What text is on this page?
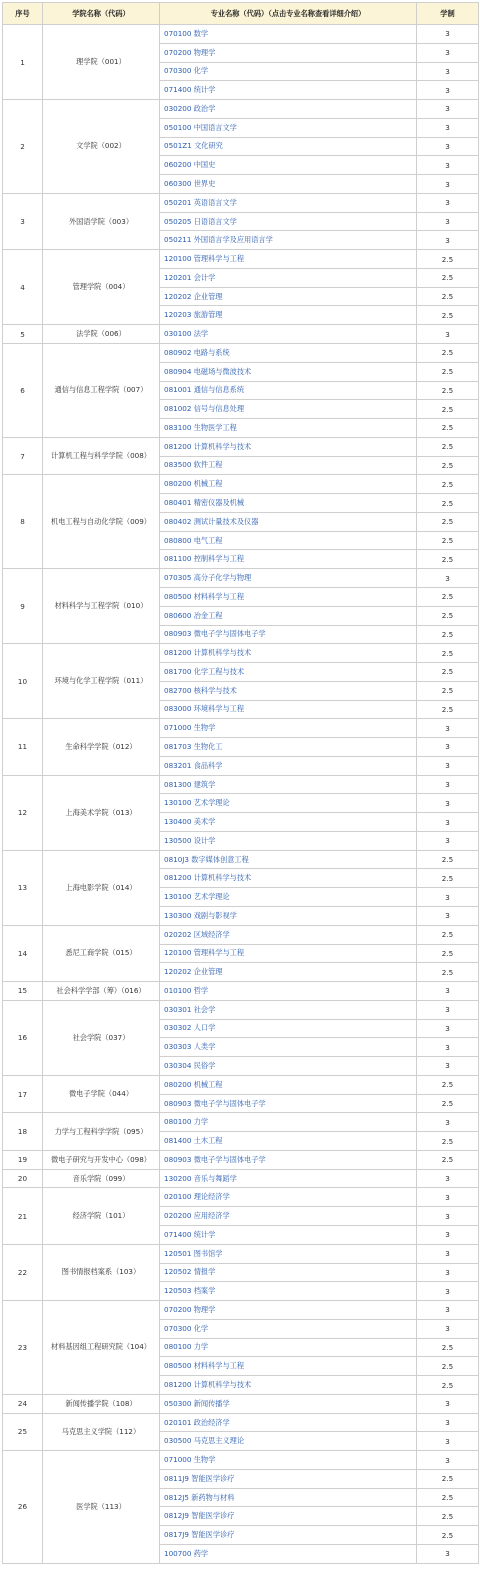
序号	学院名称（代码）	专业名称（代码）（点击专业名称查看详细介绍）	学制
1	理学院（001）	070100 数学	3
		070200 物理学	3
		070300 化学	3
		071400 统计学	3
2	文学院（002）	030200 政治学	3
		050100 中国语言文学	3
		0501Z1 文化研究	3
		060200 中国史	3
		060300 世界史	3
3	外国语学院（003）	050201 英语语言文学	3
		050205 日语语言文学	3
		050211 外国语言学及应用语言学	3
4	管理学院（004）	120100 管理科学与工程	2.5
		120201 会计学	2.5
		120202 企业管理	2.5
		120203 旅游管理	2.5
5	法学院（006）	030100 法学	3
6	通信与信息工程学院（007）	080902 电路与系统	2.5
		080904 电磁场与微波技术	2.5
		081001 通信与信息系统	2.5
		081002 信号与信息处理	2.5
		083100 生物医学工程	2.5
7	计算机工程与科学学院（008）	081200 计算机科学与技术	2.5
		083500 软件工程	2.5
8	机电工程与自动化学院（009）	080200 机械工程	2.5
		080401 精密仪器及机械	2.5
		080402 测试计量技术及仪器	2.5
		080800 电气工程	2.5
		081100 控制科学与工程	2.5
9	材料科学与工程学院（010）	070305 高分子化学与物理	3
		080500 材料科学与工程	2.5
		080600 冶金工程	2.5
		080903 微电子学与固体电子学	2.5
10	环境与化学工程学院（011）	081200 计算机科学与技术	2.5
		081700 化学工程与技术	2.5
		082700 核科学与技术	2.5
		083000 环境科学与工程	2.5
11	生命科学学院（012）	071000 生物学	3
		081703 生物化工	3
		083201 食品科学	3
12	上海美术学院（013）	081300 建筑学	3
		130100 艺术学理论	3
		130400 美术学	3
		130500 设计学	3
13	上海电影学院（014）	0810J3 数字媒体创意工程	2.5
		081200 计算机科学与技术	2.5
		130100 艺术学理论	3
		130300 戏剧与影视学	3
14	悉尼工商学院（015）	020202 区域经济学	2.5
		120100 管理科学与工程	2.5
		120202 企业管理	2.5
15	社会科学学部（筹）（016）	010100 哲学	3
16	社会学院（037）	030301 社会学	3
		030302 人口学	3
		030303 人类学	3
		030304 民俗学	3
17	微电子学院（044）	080200 机械工程	2.5
		080903 微电子学与固体电子学	2.5
18	力学与工程科学学院（095）	080100 力学	3
		081400 土木工程	2.5
19	微电子研究与开发中心（098）	080903 微电子学与固体电子学	2.5
20	音乐学院（099）	130200 音乐与舞蹈学	3
21	经济学院（101）	020100 理论经济学	3
		020200 应用经济学	3
		071400 统计学	3
22	图书情报档案系（103）	120501 图书馆学	3
		120502 情报学	3
		120503 档案学	3
23	材料基因组工程研究院（104）	070200 物理学	3
		070300 化学	3
		080100 力学	2.5
		080500 材料科学与工程	2.5
		081200 计算机科学与技术	2.5
24	新闻传播学院（108）	050300 新闻传播学	3
25	马克思主义学院（112）	020101 政治经济学	3
		030500 马克思主义理论	3
26	医学院（113）	071000 生物学	3
		0811J9 智能医学诊疗	2.5
		0812J5 新药物与材料	2.5
		0812J9 智能医学诊疗	2.5
		0817J9 智能医学诊疗	2.5
		100700 药学	3
